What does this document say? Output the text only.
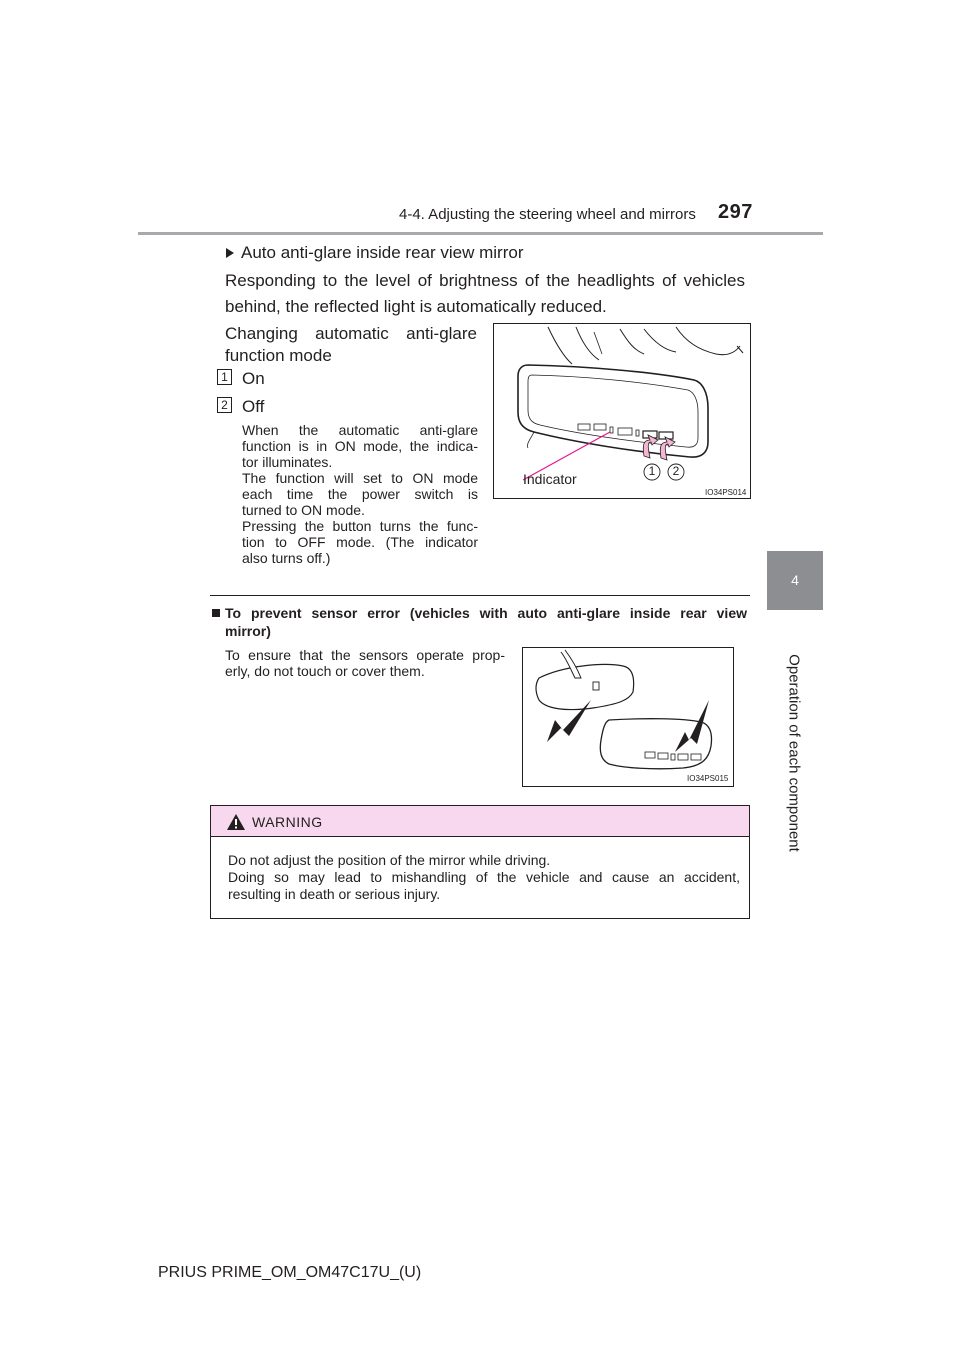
4-4. Adjusting the steering wheel and mirrors 297
4
Operation of each component
Auto anti-glare inside rear view mirror
Responding to the level of brightness of the headlights of vehicles
behind, the reflected light is automatically reduced.
Changing automatic anti-glare
function mode
1 On
2 Off
When the automatic anti-glare
function is in ON mode, the indica-
tor illuminates.
The function will set to ON mode
each time the power switch is
turned to ON mode.
Pressing the button turns the func-
tion to OFF mode. (The indicator
also turns off.)
Indicator	1 2
IO34PS014
To prevent sensor error (vehicles with auto anti-glare inside rear view
mirror)
To ensure that the sensors operate prop-
erly, do not touch or cover them.
IO34PS015
WARNING
Do not adjust the position of the mirror while driving.
Doing so may lead to mishandling of the vehicle and cause an accident,
resulting in death or serious injury.
PRIUS PRIME_OM_OM47C17U_(U)
